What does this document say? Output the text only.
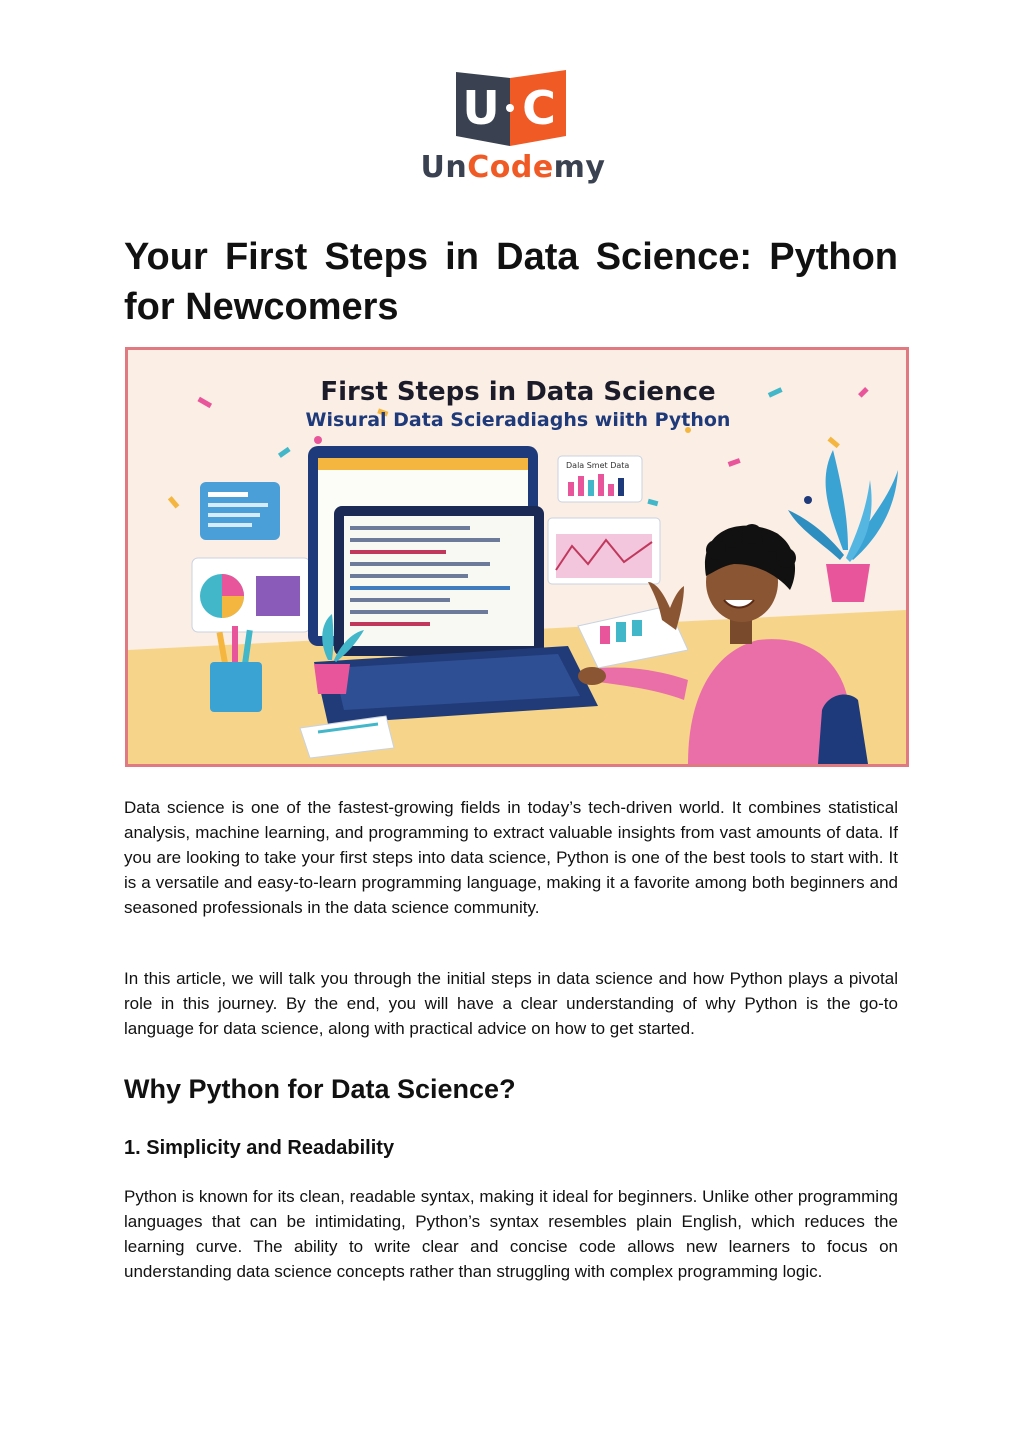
U C
UnCodemy
Your First Steps in Data Science: Python for Newcomers
First Steps in Data Science
Wisural Data Scieradiaghs wiith Python
Dala Smet Data

Data science is one of the fastest-growing fields in today’s tech-driven world. It combines statistical analysis, machine learning, and programming to extract valuable insights from vast amounts of data. If you are looking to take your first steps into data science, Python is one of the best tools to start with. It is a versatile and easy-to-learn programming language, making it a favorite among both beginners and seasoned professionals in the data science community.

In this article, we will talk you through the initial steps in data science and how Python plays a pivotal role in this journey. By the end, you will have a clear understanding of why Python is the go-to language for data science, along with practical advice on how to get started.

Why Python for Data Science?
1. Simplicity and Readability

Python is known for its clean, readable syntax, making it ideal for beginners. Unlike other programming languages that can be intimidating, Python’s syntax resembles plain English, which reduces the learning curve. The ability to write clear and concise code allows new learners to focus on understanding data science concepts rather than struggling with complex programming logic.
